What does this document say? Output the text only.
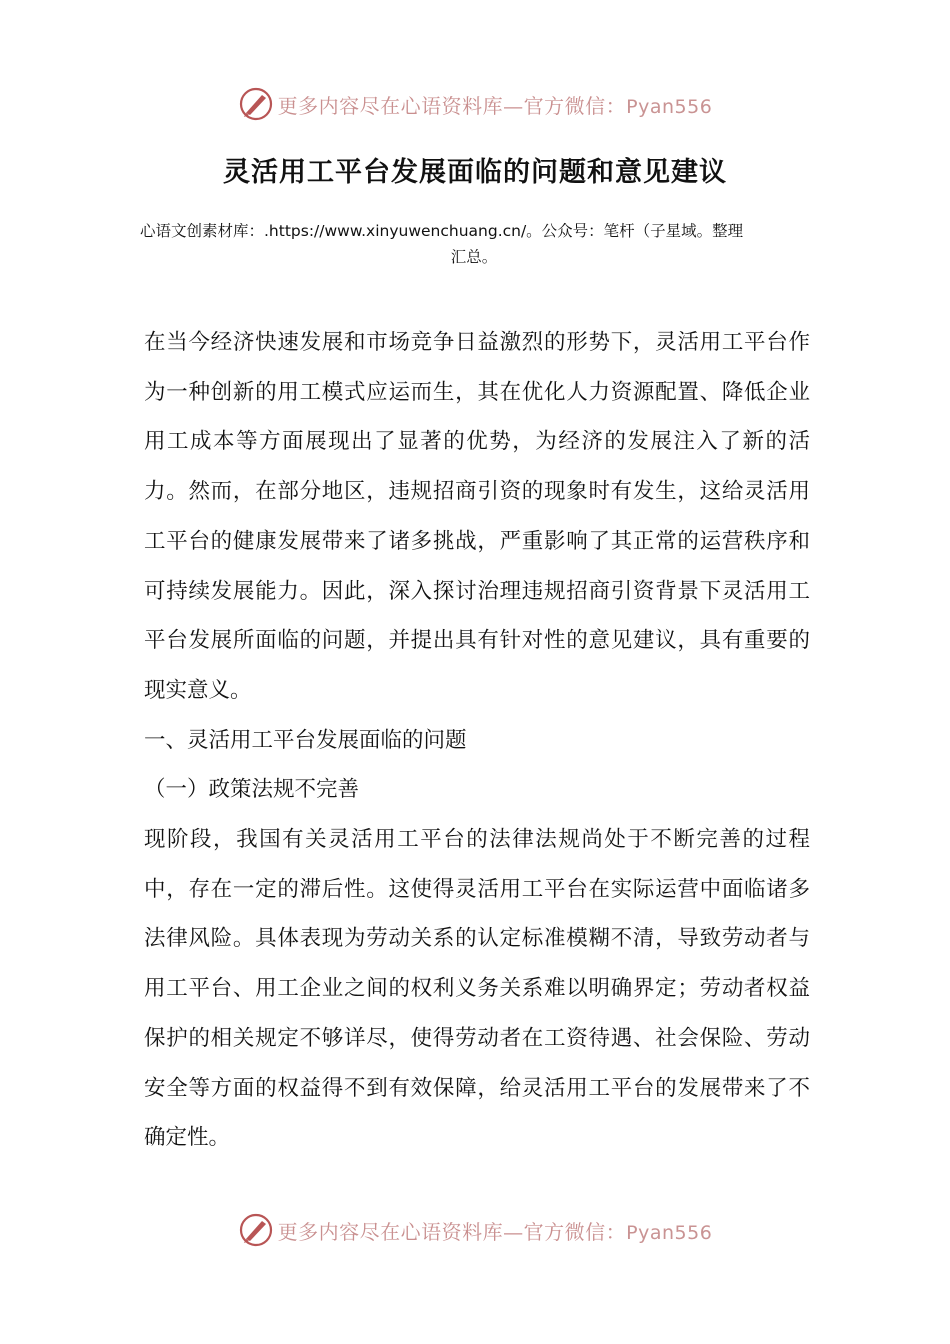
更多内容尽在心语资料库—官方微信：Pyan556
灵活用工平台发展面临的问题和意见建议
心语文创素材库：.https://www.xinyuwenchuang.cn/。公众号：笔杆（子星域。整理
汇总。

在当今经济快速发展和市场竞争日益激烈的形势下，灵活用工平台作为一种创新的用工模式应运而生，其在优化人力资源配置、降低企业用工成本等方面展现出了显著的优势，为经济的发展注入了新的活力。然而，在部分地区，违规招商引资的现象时有发生，这给灵活用工平台的健康发展带来了诸多挑战，严重影响了其正常的运营秩序和可持续发展能力。因此，深入探讨治理违规招商引资背景下灵活用工平台发展所面临的问题，并提出具有针对性的意见建议，具有重要的现实意义。

一、灵活用工平台发展面临的问题

（一）政策法规不完善

现阶段，我国有关灵活用工平台的法律法规尚处于不断完善的过程中，存在一定的滞后性。这使得灵活用工平台在实际运营中面临诸多法律风险。具体表现为劳动关系的认定标准模糊不清，导致劳动者与用工平台、用工企业之间的权利义务关系难以明确界定；劳动者权益保护的相关规定不够详尽，使得劳动者在工资待遇、社会保险、劳动安全等方面的权益得不到有效保障，给灵活用工平台的发展带来了不确定性。

更多内容尽在心语资料库—官方微信：Pyan556
